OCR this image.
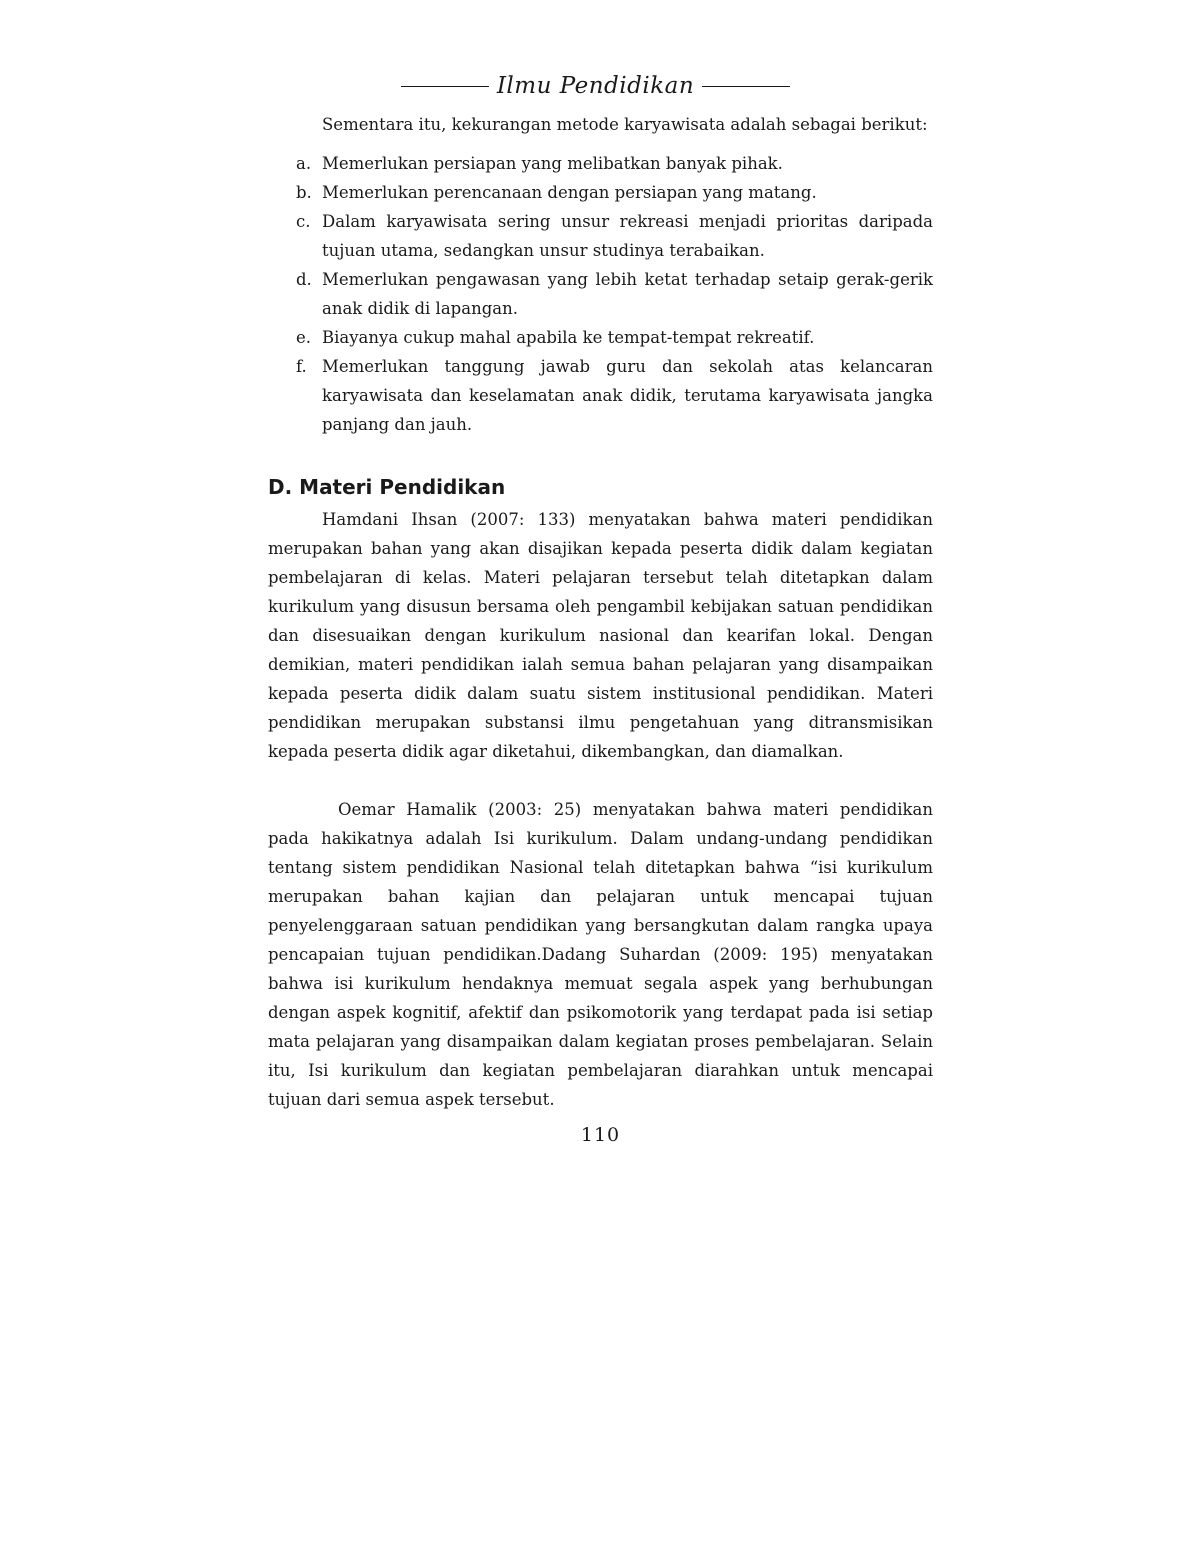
Ilmu Pendidikan

Sementara itu, kekurangan metode karyawisata adalah sebagai berikut:

a. Memerlukan persiapan yang melibatkan banyak pihak.
b. Memerlukan perencanaan dengan persiapan yang matang.
c. Dalam karyawisata sering unsur rekreasi menjadi prioritas daripada tujuan utama, sedangkan unsur studinya terabaikan.
d. Memerlukan pengawasan yang lebih ketat terhadap setaip gerak-gerik anak didik di lapangan.
e. Biayanya cukup mahal apabila ke tempat-tempat rekreatif.
f. Memerlukan tanggung jawab guru dan sekolah atas kelancaran karyawisata dan keselamatan anak didik, terutama karyawisata jangka panjang dan jauh.
D. Materi Pendidikan

Hamdani Ihsan (2007: 133) menyatakan bahwa materi pendidikan merupakan bahan yang akan disajikan kepada peserta didik dalam kegiatan pembelajaran di kelas. Materi pelajaran tersebut telah ditetapkan dalam kurikulum yang disusun bersama oleh pengambil kebijakan satuan pendidikan dan disesuaikan dengan kurikulum nasional dan kearifan lokal. Dengan demikian, materi pendidikan ialah semua bahan pelajaran yang disampaikan kepada peserta didik dalam suatu sistem institusional pendidikan. Materi pendidikan merupakan substansi ilmu pengetahuan yang ditransmisikan kepada peserta didik agar diketahui, dikembangkan, dan diamalkan.

Oemar Hamalik (2003: 25) menyatakan bahwa materi pendidikan pada hakikatnya adalah Isi kurikulum. Dalam undang-undang pendidikan tentang sistem pendidikan Nasional telah ditetapkan bahwa “isi kurikulum merupakan bahan kajian dan pelajaran untuk mencapai tujuan penyelenggaraan satuan pendidikan yang bersangkutan dalam rangka upaya pencapaian tujuan pendidikan.Dadang Suhardan (2009: 195) menyatakan bahwa isi kurikulum hendaknya memuat segala aspek yang berhubungan dengan aspek kognitif, afektif dan psikomotorik yang terdapat pada isi setiap mata pelajaran yang disampaikan dalam kegiatan proses pembelajaran. Selain itu, Isi kurikulum dan kegiatan pembelajaran diarahkan untuk mencapai tujuan dari semua aspek tersebut.

110
